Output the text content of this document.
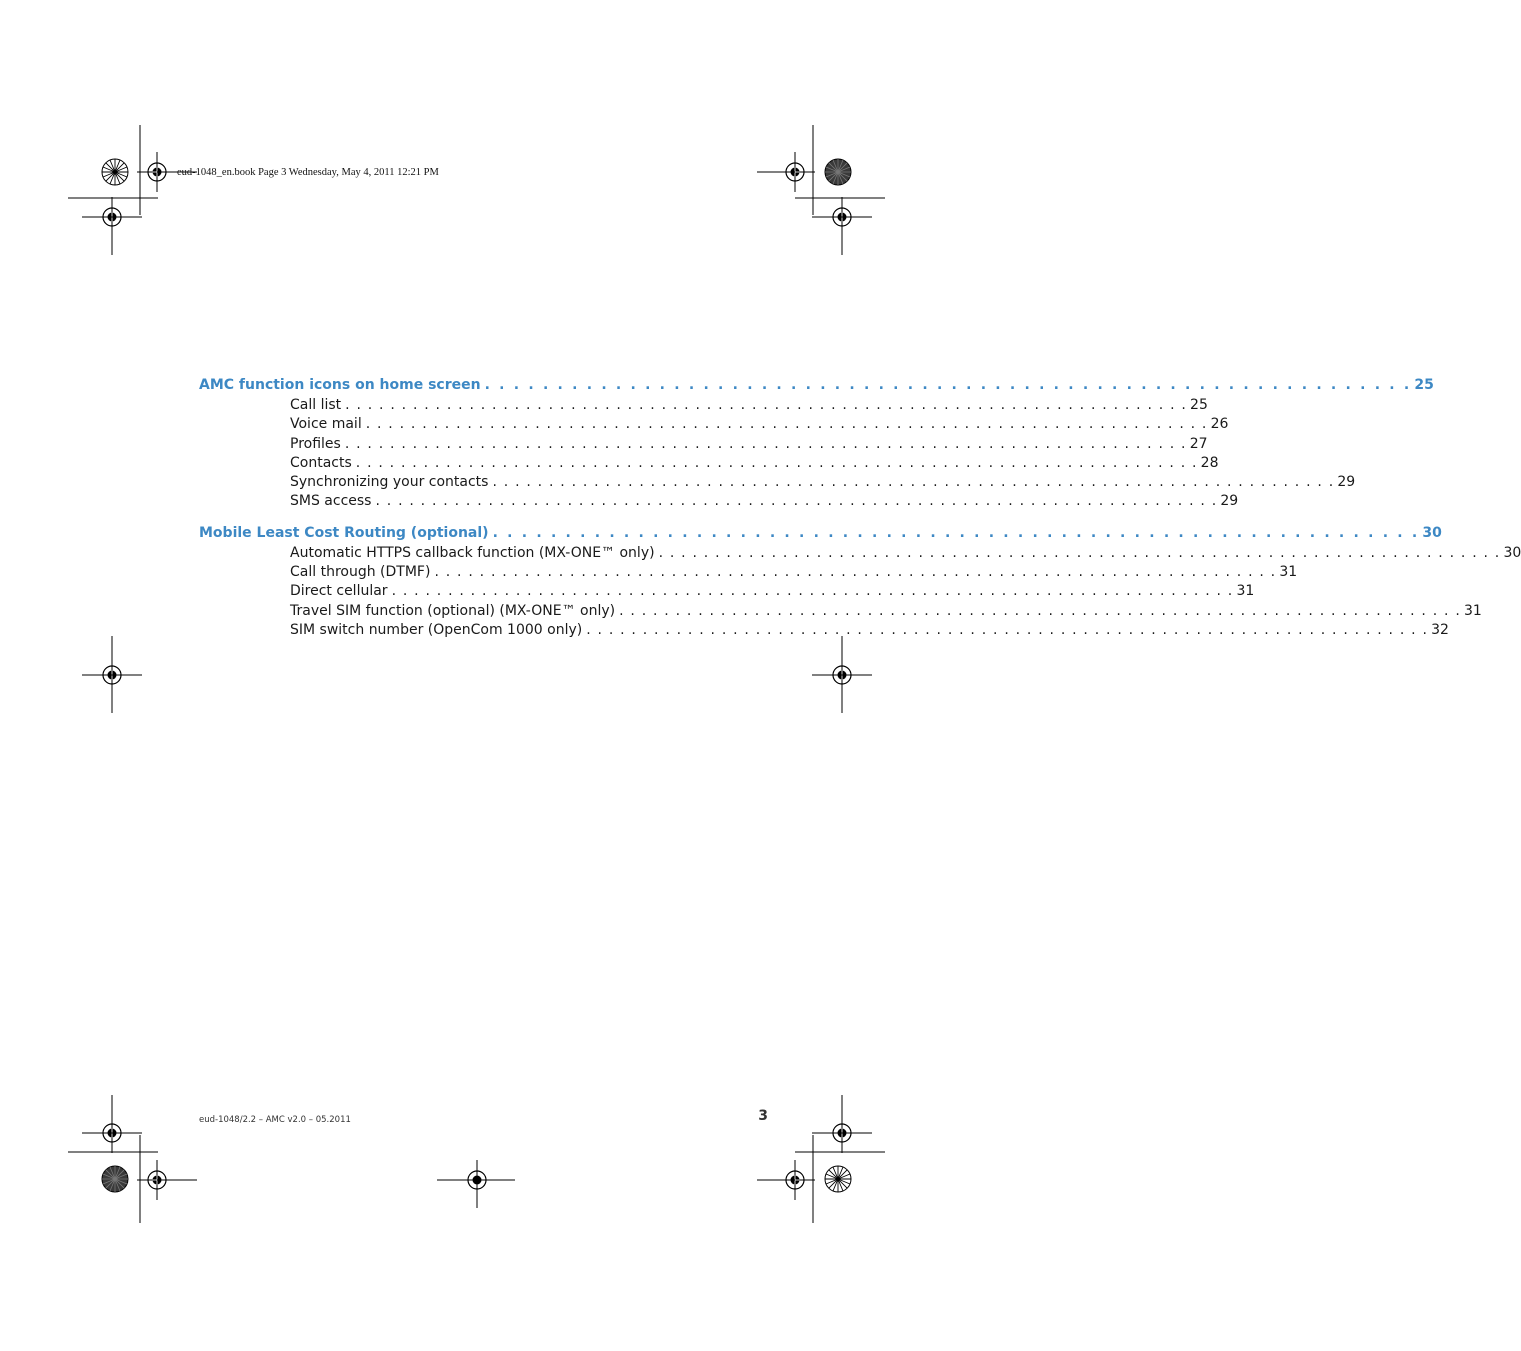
eud-1048_en.book Page 3 Wednesday, May 4, 2011 12:21 PM
AMC function icons on home screen . . . . . . . . . . . . . . . . . . . . . . . . . . . . . . . . . . . . . . . . . . . . . . . . . . . . . . . . . . . . . . . . 25
Call list . . . . . . . . . . . . . . . . . . . . . . . . . . . . . . . . . . . . . . . . . . . . . . . . . . . . . . . . . . . . . . . . . . . . . . . . . . . 25
Voice mail . . . . . . . . . . . . . . . . . . . . . . . . . . . . . . . . . . . . . . . . . . . . . . . . . . . . . . . . . . . . . . . . . . . . . . . . . . . 26
Profiles . . . . . . . . . . . . . . . . . . . . . . . . . . . . . . . . . . . . . . . . . . . . . . . . . . . . . . . . . . . . . . . . . . . . . . . . . . . 27
Contacts . . . . . . . . . . . . . . . . . . . . . . . . . . . . . . . . . . . . . . . . . . . . . . . . . . . . . . . . . . . . . . . . . . . . . . . . . . . 28
Synchronizing your contacts . . . . . . . . . . . . . . . . . . . . . . . . . . . . . . . . . . . . . . . . . . . . . . . . . . . . . . . . . . . . . . . . . . . . . . . . . . . 29
SMS access . . . . . . . . . . . . . . . . . . . . . . . . . . . . . . . . . . . . . . . . . . . . . . . . . . . . . . . . . . . . . . . . . . . . . . . . . . . 29
Mobile Least Cost Routing (optional) . . . . . . . . . . . . . . . . . . . . . . . . . . . . . . . . . . . . . . . . . . . . . . . . . . . . . . . . . . . . . . . . 30
Automatic HTTPS callback function (MX-ONE™ only) . . . . . . . . . . . . . . . . . . . . . . . . . . . . . . . . . . . . . . . . . . . . . . . . . . . . . . . . . . . . . . . . . . . . . . . . . . . 30
Call through (DTMF) . . . . . . . . . . . . . . . . . . . . . . . . . . . . . . . . . . . . . . . . . . . . . . . . . . . . . . . . . . . . . . . . . . . . . . . . . . . 31
Direct cellular . . . . . . . . . . . . . . . . . . . . . . . . . . . . . . . . . . . . . . . . . . . . . . . . . . . . . . . . . . . . . . . . . . . . . . . . . . . 31
Travel SIM function (optional) (MX-ONE™ only) . . . . . . . . . . . . . . . . . . . . . . . . . . . . . . . . . . . . . . . . . . . . . . . . . . . . . . . . . . . . . . . . . . . . . . . . . . . 31
SIM switch number (OpenCom 1000 only) . . . . . . . . . . . . . . . . . . . . . . . . . . . . . . . . . . . . . . . . . . . . . . . . . . . . . . . . . . . . . . . . . . . . . . . . . . . 32
eud-1048/2.2 – AMC v2.0 – 05.2011	3
